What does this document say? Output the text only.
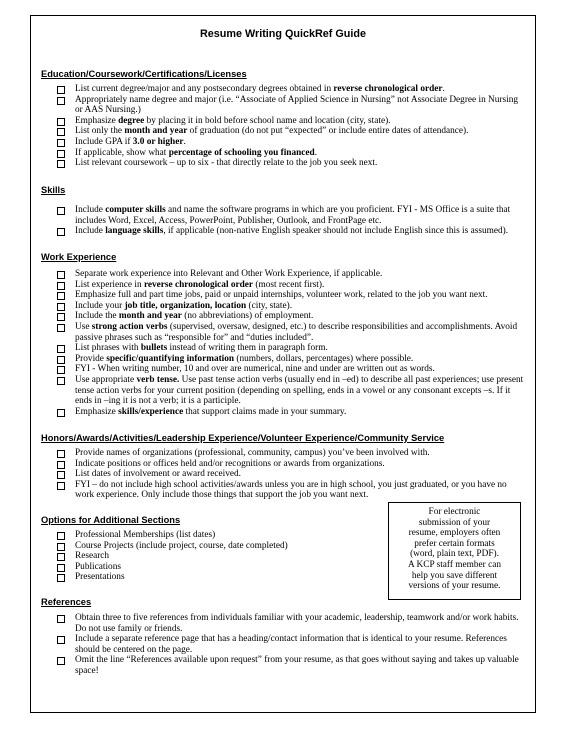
Resume Writing QuickRef Guide
Education/Coursework/Certifications/Licenses
List current degree/major and any postsecondary degrees obtained in reverse chronological order.
Appropriately name degree and major (i.e. “Associate of Applied Science in Nursing” not Associate Degree in Nursing
or AAS Nursing.)
Emphasize degree by placing it in bold before school name and location (city, state).
List only the month and year of graduation (do not put “expected” or include entire dates of attendance).
Include GPA if 3.0 or higher.
If applicable, show what percentage of schooling you financed.
List relevant coursework – up to six - that directly relate to the job you seek next.
Skills
Include computer skills and name the software programs in which are you proficient. FYI - MS Office is a suite that
includes Word, Excel, Access, PowerPoint, Publisher, Outlook, and FrontPage etc.
Include language skills, if applicable (non-native English speaker should not include English since this is assumed).
Work Experience
Separate work experience into Relevant and Other Work Experience, if applicable.
List experience in reverse chronological order (most recent first).
Emphasize full and part time jobs, paid or unpaid internships, volunteer work, related to the job you want next.
Include your job title, organization, location (city, state).
Include the month and year (no abbreviations) of employment.
Use strong action verbs (supervised, oversaw, designed, etc.) to describe responsibilities and accomplishments. Avoid
passive phrases such as “responsible for” and “duties included”.
List phrases with bullets instead of writing them in paragraph form.
Provide specific/quantifying information (numbers, dollars, percentages) where possible.
FYI - When writing number, 10 and over are numerical, nine and under are written out as words.
Use appropriate verb tense. Use past tense action verbs (usually end in –ed) to describe all past experiences; use present
tense action verbs for your current position (depending on spelling, ends in a vowel or any consonant excepts –s. If it
ends in –ing it is not a verb; it is a participle.
Emphasize skills/experience that support claims made in your summary.
Honors/Awards/Activities/Leadership Experience/Volunteer Experience/Community Service
Provide names of organizations (professional, community, campus) you’ve been involved with.
Indicate positions or offices held and/or recognitions or awards from organizations.
List dates of involvement or award received.
FYI – do not include high school activities/awards unless you are in high school, you just graduated, or you have no
work experience. Only include those things that support the job you want next.
Options for Additional Sections
Professional Memberships (list dates)
Course Projects (include project, course, date completed)
Research
Publications
Presentations
References
Obtain three to five references from individuals familiar with your academic, leadership, teamwork and/or work habits.
Do not use family or friends.
Include a separate reference page that has a heading/contact information that is identical to your resume. References
should be centered on the page.
Omit the line “References available upon request” from your resume, as that goes without saying and takes up valuable
space!
For electronic
submission of your
resume, employers often
prefer certain formats
(word, plain text, PDF).
A KCP staff member can
help you save different
versions of your resume.
